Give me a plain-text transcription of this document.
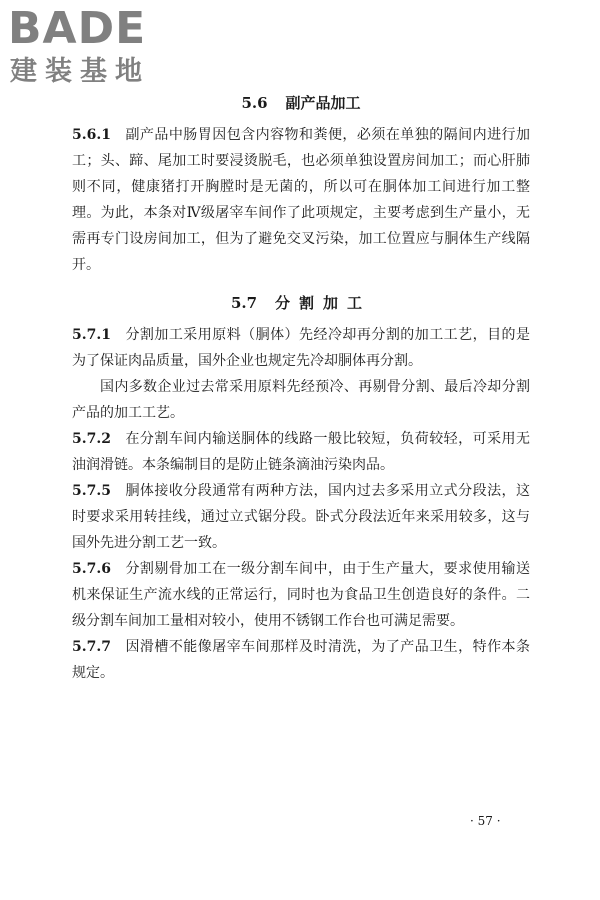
BADE
建装基地
5.6 副产品加工

5.6.1 副产品中肠胃因包含内容物和粪便，必须在单独的隔间内进行加工；头、蹄、尾加工时要浸烫脱毛，也必须单独设置房间加工；而心肝肺则不同，健康猪打开胸膛时是无菌的，所以可在胴体加工间进行加工整理。为此，本条对Ⅳ级屠宰车间作了此项规定，主要考虑到生产量小，无需再专门设房间加工，但为了避免交叉污染，加工位置应与胴体生产线隔开。

5.7 分割加工

5.7.1 分割加工采用原料（胴体）先经冷却再分割的加工工艺，目的是为了保证肉品质量，国外企业也规定先冷却胴体再分割。

国内多数企业过去常采用原料先经预冷、再剔骨分割、最后冷却分割产品的加工工艺。

5.7.2 在分割车间内输送胴体的线路一般比较短，负荷较轻，可采用无油润滑链。本条编制目的是防止链条滴油污染肉品。

5.7.5 胴体接收分段通常有两种方法，国内过去多采用立式分段法，这时要求采用转挂线，通过立式锯分段。卧式分段法近年来采用较多，这与国外先进分割工艺一致。

5.7.6 分割剔骨加工在一级分割车间中，由于生产量大，要求使用输送机来保证生产流水线的正常运行，同时也为食品卫生创造良好的条件。二级分割车间加工量相对较小，使用不锈钢工作台也可满足需要。

5.7.7 因滑槽不能像屠宰车间那样及时清洗，为了产品卫生，特作本条规定。

· 57 ·
